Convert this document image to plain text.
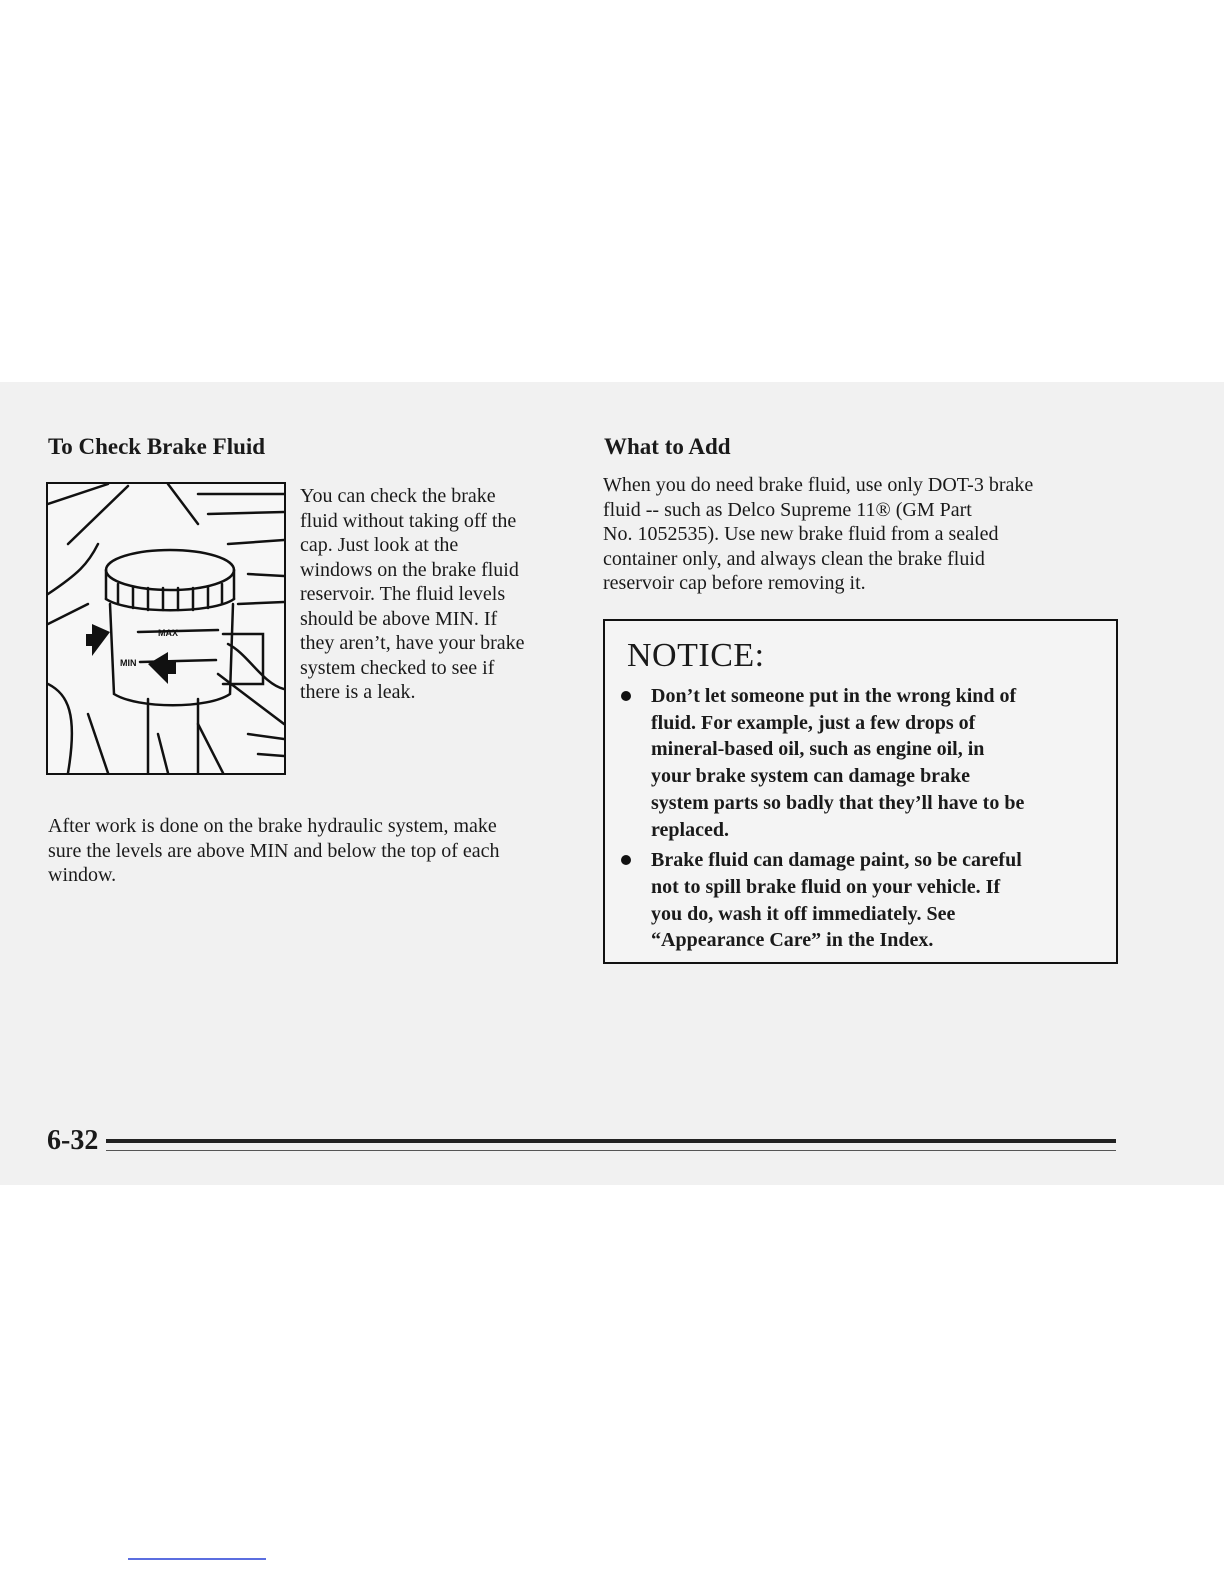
To Check Brake Fluid
MAX
MIN
You can check the brake
fluid without taking off the
cap. Just look at the
windows on the brake fluid
reservoir. The fluid levels
should be above MIN. If
they aren’t, have your brake
system checked to see if
there is a leak.
After work is done on the brake hydraulic system, make
sure the levels are above MIN and below the top of each
window.
What to Add
When you do need brake fluid, use only DOT-3 brake
fluid -- such as Delco Supreme 11® (GM Part
No. 1052535). Use new brake fluid from a sealed
container only, and always clean the brake fluid
reservoir cap before removing it.
NOTICE:
Don’t let someone put in the wrong kind of
fluid. For example, just a few drops of
mineral-based oil, such as engine oil, in
your brake system can damage brake
system parts so badly that they’ll have to be
replaced.
Brake fluid can damage paint, so be careful
not to spill brake fluid on your vehicle. If
you do, wash it off immediately. See
“Appearance Care” in the Index.
6-32
